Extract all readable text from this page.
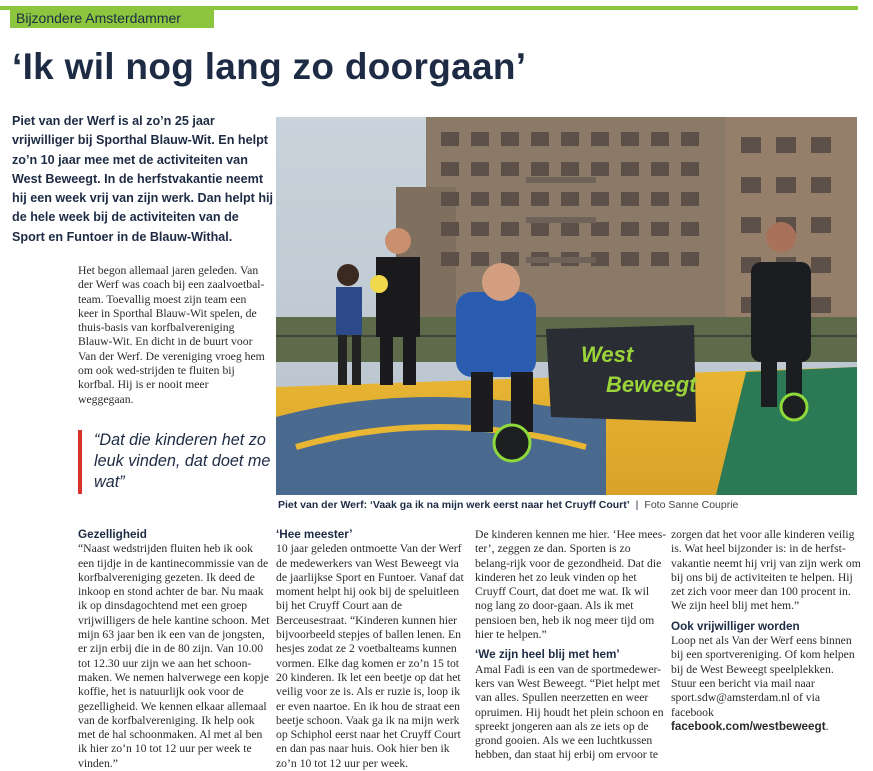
Bijzondere Amsterdammer
‘Ik wil nog lang zo doorgaan’

Piet van der Werf is al zo’n 25 jaar vrijwilliger bij Sporthal Blauw-Wit. En helpt zo’n 10 jaar mee met de activiteiten van West Beweegt. In de herfstvakantie neemt hij een week vrij van zijn werk. Dan helpt hij de hele week bij de activiteiten van de Sport en Funtoer in de Blauw-Withal.

Het begon allemaal jaren geleden. Van der Werf was coach bij een zaalvoetbal-team. Toevallig moest zijn team een keer in Sporthal Blauw-Wit spelen, de thuis-basis van korfbalvereniging Blauw-Wit. En dicht in de buurt voor Van der Werf. De vereniging vroeg hem om ook wed-strijden te fluiten bij korfbal. Hij is er nooit meer weggegaan.

“Dat die kinderen het zo leuk vinden, dat doet me wat”
West
Beweegt
Piet van der Werf: ‘Vaak ga ik na mijn werk eerst naar het Cruyff Court’ | Foto Sanne Couprie
Gezelligheid
“Naast wedstrijden fluiten heb ik ook een tijdje in de kantinecommissie van de korfbalvereniging gezeten. Ik deed de inkoop en stond achter de bar. Nu maak ik op dinsdagochtend met een groep vrijwilligers de hele kantine schoon. Met mijn 63 jaar ben ik een van de jongsten, er zijn erbij die in de 80 zijn. Van 10.00 tot 12.30 uur zijn we aan het schoon-maken. We nemen halverwege een kopje koffie, het is natuurlijk ook voor de gezelligheid. We kennen elkaar allemaal van de korfbalvereniging. Ik help ook met de hal schoonmaken. Al met al ben ik hier zo’n 10 tot 12 uur per week te vinden.”
‘Hee meester’
10 jaar geleden ontmoette Van der Werf de medewerkers van West Beweegt via de jaarlijkse Sport en Funtoer. Vanaf dat moment helpt hij ook bij de speluitleen bij het Cruyff Court aan de Berceusestraat. “Kinderen kunnen hier bijvoorbeeld stepjes of ballen lenen. En hesjes zodat ze 2 voetbalteams kunnen vormen. Elke dag komen er zo’n 15 tot 20 kinderen. Ik let een beetje op dat het veilig voor ze is. Als er ruzie is, loop ik er even naartoe. En ik hou de straat een beetje schoon. Vaak ga ik na mijn werk op Schiphol eerst naar het Cruyff Court en dan pas naar huis. Ook hier ben ik zo’n 10 tot 12 uur per week.
De kinderen kennen me hier. ‘Hee mees-ter’, zeggen ze dan. Sporten is zo belang-rijk voor de gezondheid. Dat die kinderen het zo leuk vinden op het Cruyff Court, dat doet me wat. Ik wil nog lang zo door-gaan. Als ik met pensioen ben, heb ik nog meer tijd om hier te helpen.”
‘We zijn heel blij met hem’
Amal Fadi is een van de sportmedewer-kers van West Beweegt. “Piet helpt met van alles. Spullen neerzetten en weer opruimen. Hij houdt het plein schoon en spreekt jongeren aan als ze iets op de grond gooien. Als we een luchtkussen hebben, dan staat hij erbij om ervoor te
zorgen dat het voor alle kinderen veilig is. Wat heel bijzonder is: in de herfst-vakantie neemt hij vrij van zijn werk om bij ons bij de activiteiten te helpen. Hij zet zich voor meer dan 100 procent in. We zijn heel blij met hem.”
Ook vrijwilliger worden
Loop net als Van der Werf eens binnen bij een sportvereniging. Of kom helpen bij de West Beweegt speelplekken. Stuur een bericht via mail naar sport.sdw@amsterdam.nl of via facebook facebook.com/westbeweegt.
